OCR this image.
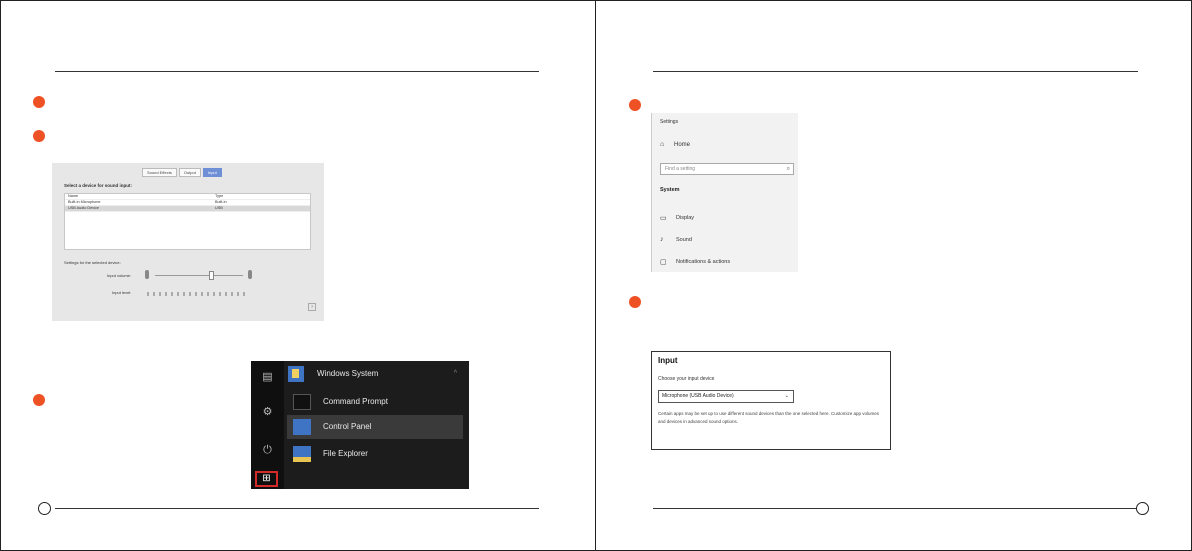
Sound Effects	Output	Input
Select a device for sound input:
Name	Type
Built-in Microphone	Built-in
USB Audio Device	USB
Settings for the selected device:
Input volume:
Input level:
?
▤
⚙
⏻
⊞
Windows System	^
Command Prompt
Control Panel
File Explorer
Settings
⌂ Home
Find a setting	⌕
System
▭ Display
♪ Sound
▢ Notifications & actions
Input
Choose your input device
Microphone (USB Audio Device)	⌄
Certain apps may be set up to use different sound devices than the one selected here. Customize app volumes and devices in advanced sound options.
